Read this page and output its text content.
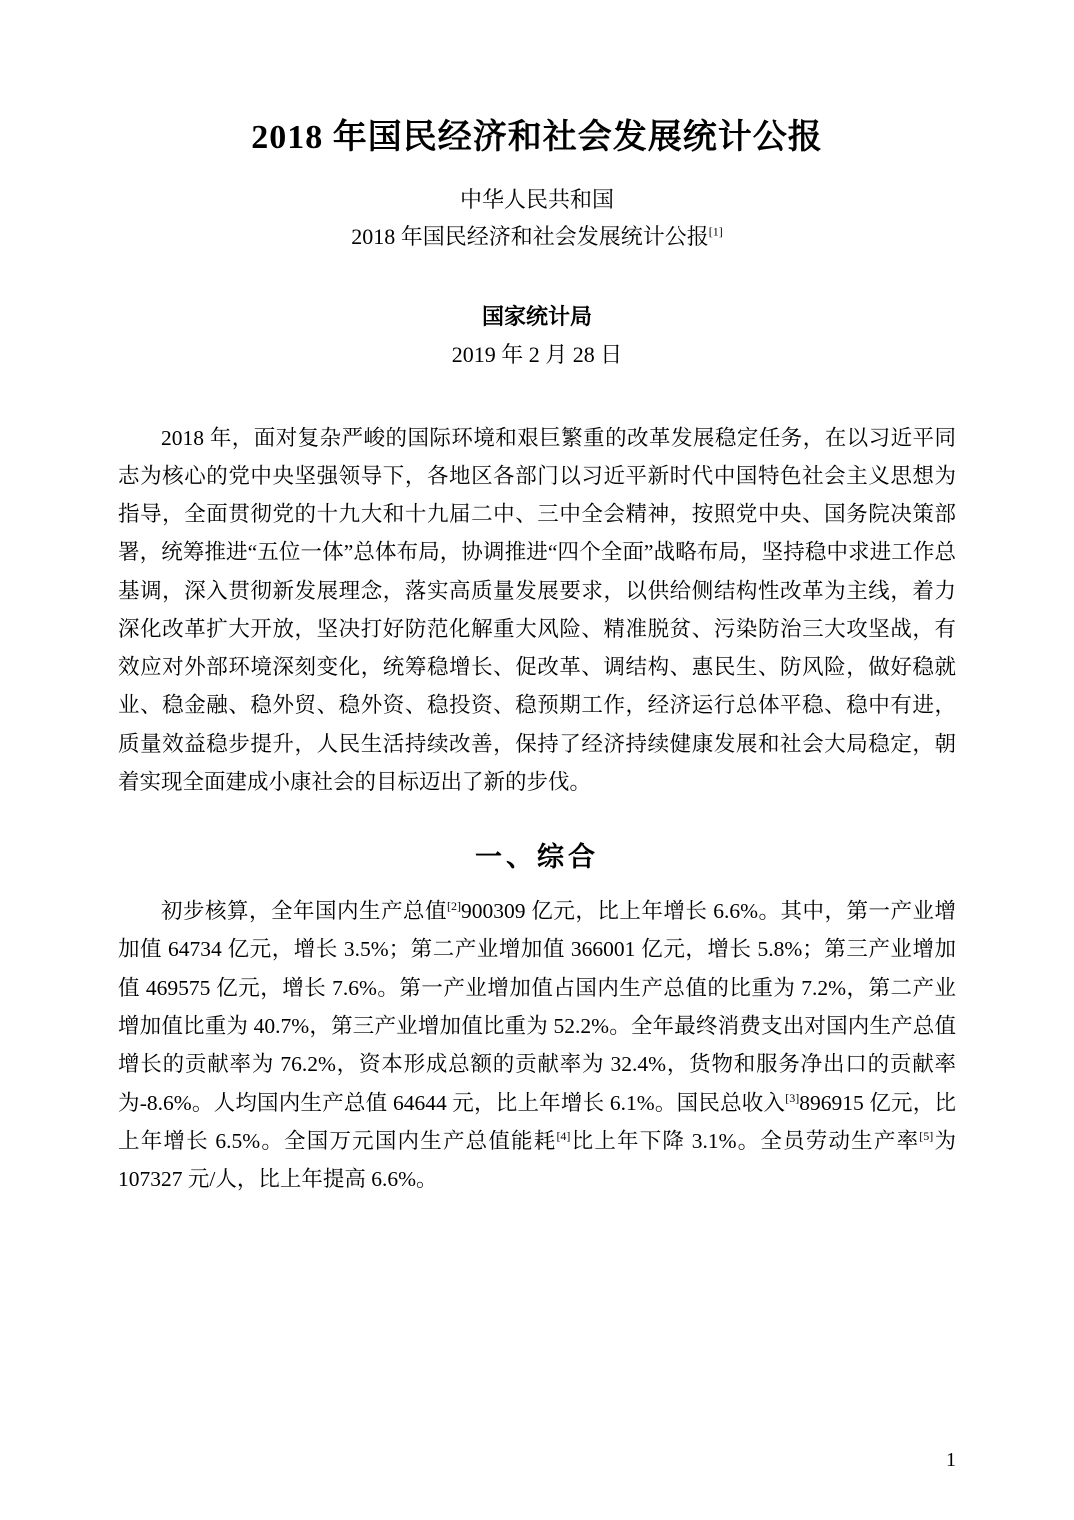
2018 年国民经济和社会发展统计公报

中华人民共和国

2018 年国民经济和社会发展统计公报[1]

国家统计局

2019 年 2 月 28 日

2018 年，面对复杂严峻的国际环境和艰巨繁重的改革发展稳定任务，在以习近平同志为核心的党中央坚强领导下，各地区各部门以习近平新时代中国特色社会主义思想为指导，全面贯彻党的十九大和十九届二中、三中全会精神，按照党中央、国务院决策部署，统筹推进“五位一体”总体布局，协调推进“四个全面”战略布局，坚持稳中求进工作总基调，深入贯彻新发展理念，落实高质量发展要求，以供给侧结构性改革为主线，着力深化改革扩大开放，坚决打好防范化解重大风险、精准脱贫、污染防治三大攻坚战，有效应对外部环境深刻变化，统筹稳增长、促改革、调结构、惠民生、防风险，做好稳就业、稳金融、稳外贸、稳外资、稳投资、稳预期工作，经济运行总体平稳、稳中有进，质量效益稳步提升，人民生活持续改善，保持了经济持续健康发展和社会大局稳定，朝着实现全面建成小康社会的目标迈出了新的步伐。

一、综合

初步核算，全年国内生产总值[2]900309 亿元，比上年增长 6.6%。其中，第一产业增加值 64734 亿元，增长 3.5%；第二产业增加值 366001 亿元，增长 5.8%；第三产业增加值 469575 亿元，增长 7.6%。第一产业增加值占国内生产总值的比重为 7.2%，第二产业增加值比重为 40.7%，第三产业增加值比重为 52.2%。全年最终消费支出对国内生产总值增长的贡献率为 76.2%，资本形成总额的贡献率为 32.4%，货物和服务净出口的贡献率为-8.6%。人均国内生产总值 64644 元，比上年增长 6.1%。国民总收入[3]896915 亿元，比上年增长 6.5%。全国万元国内生产总值能耗[4]比上年下降 3.1%。全员劳动生产率[5]为 107327 元/人，比上年提高 6.6%。

1
